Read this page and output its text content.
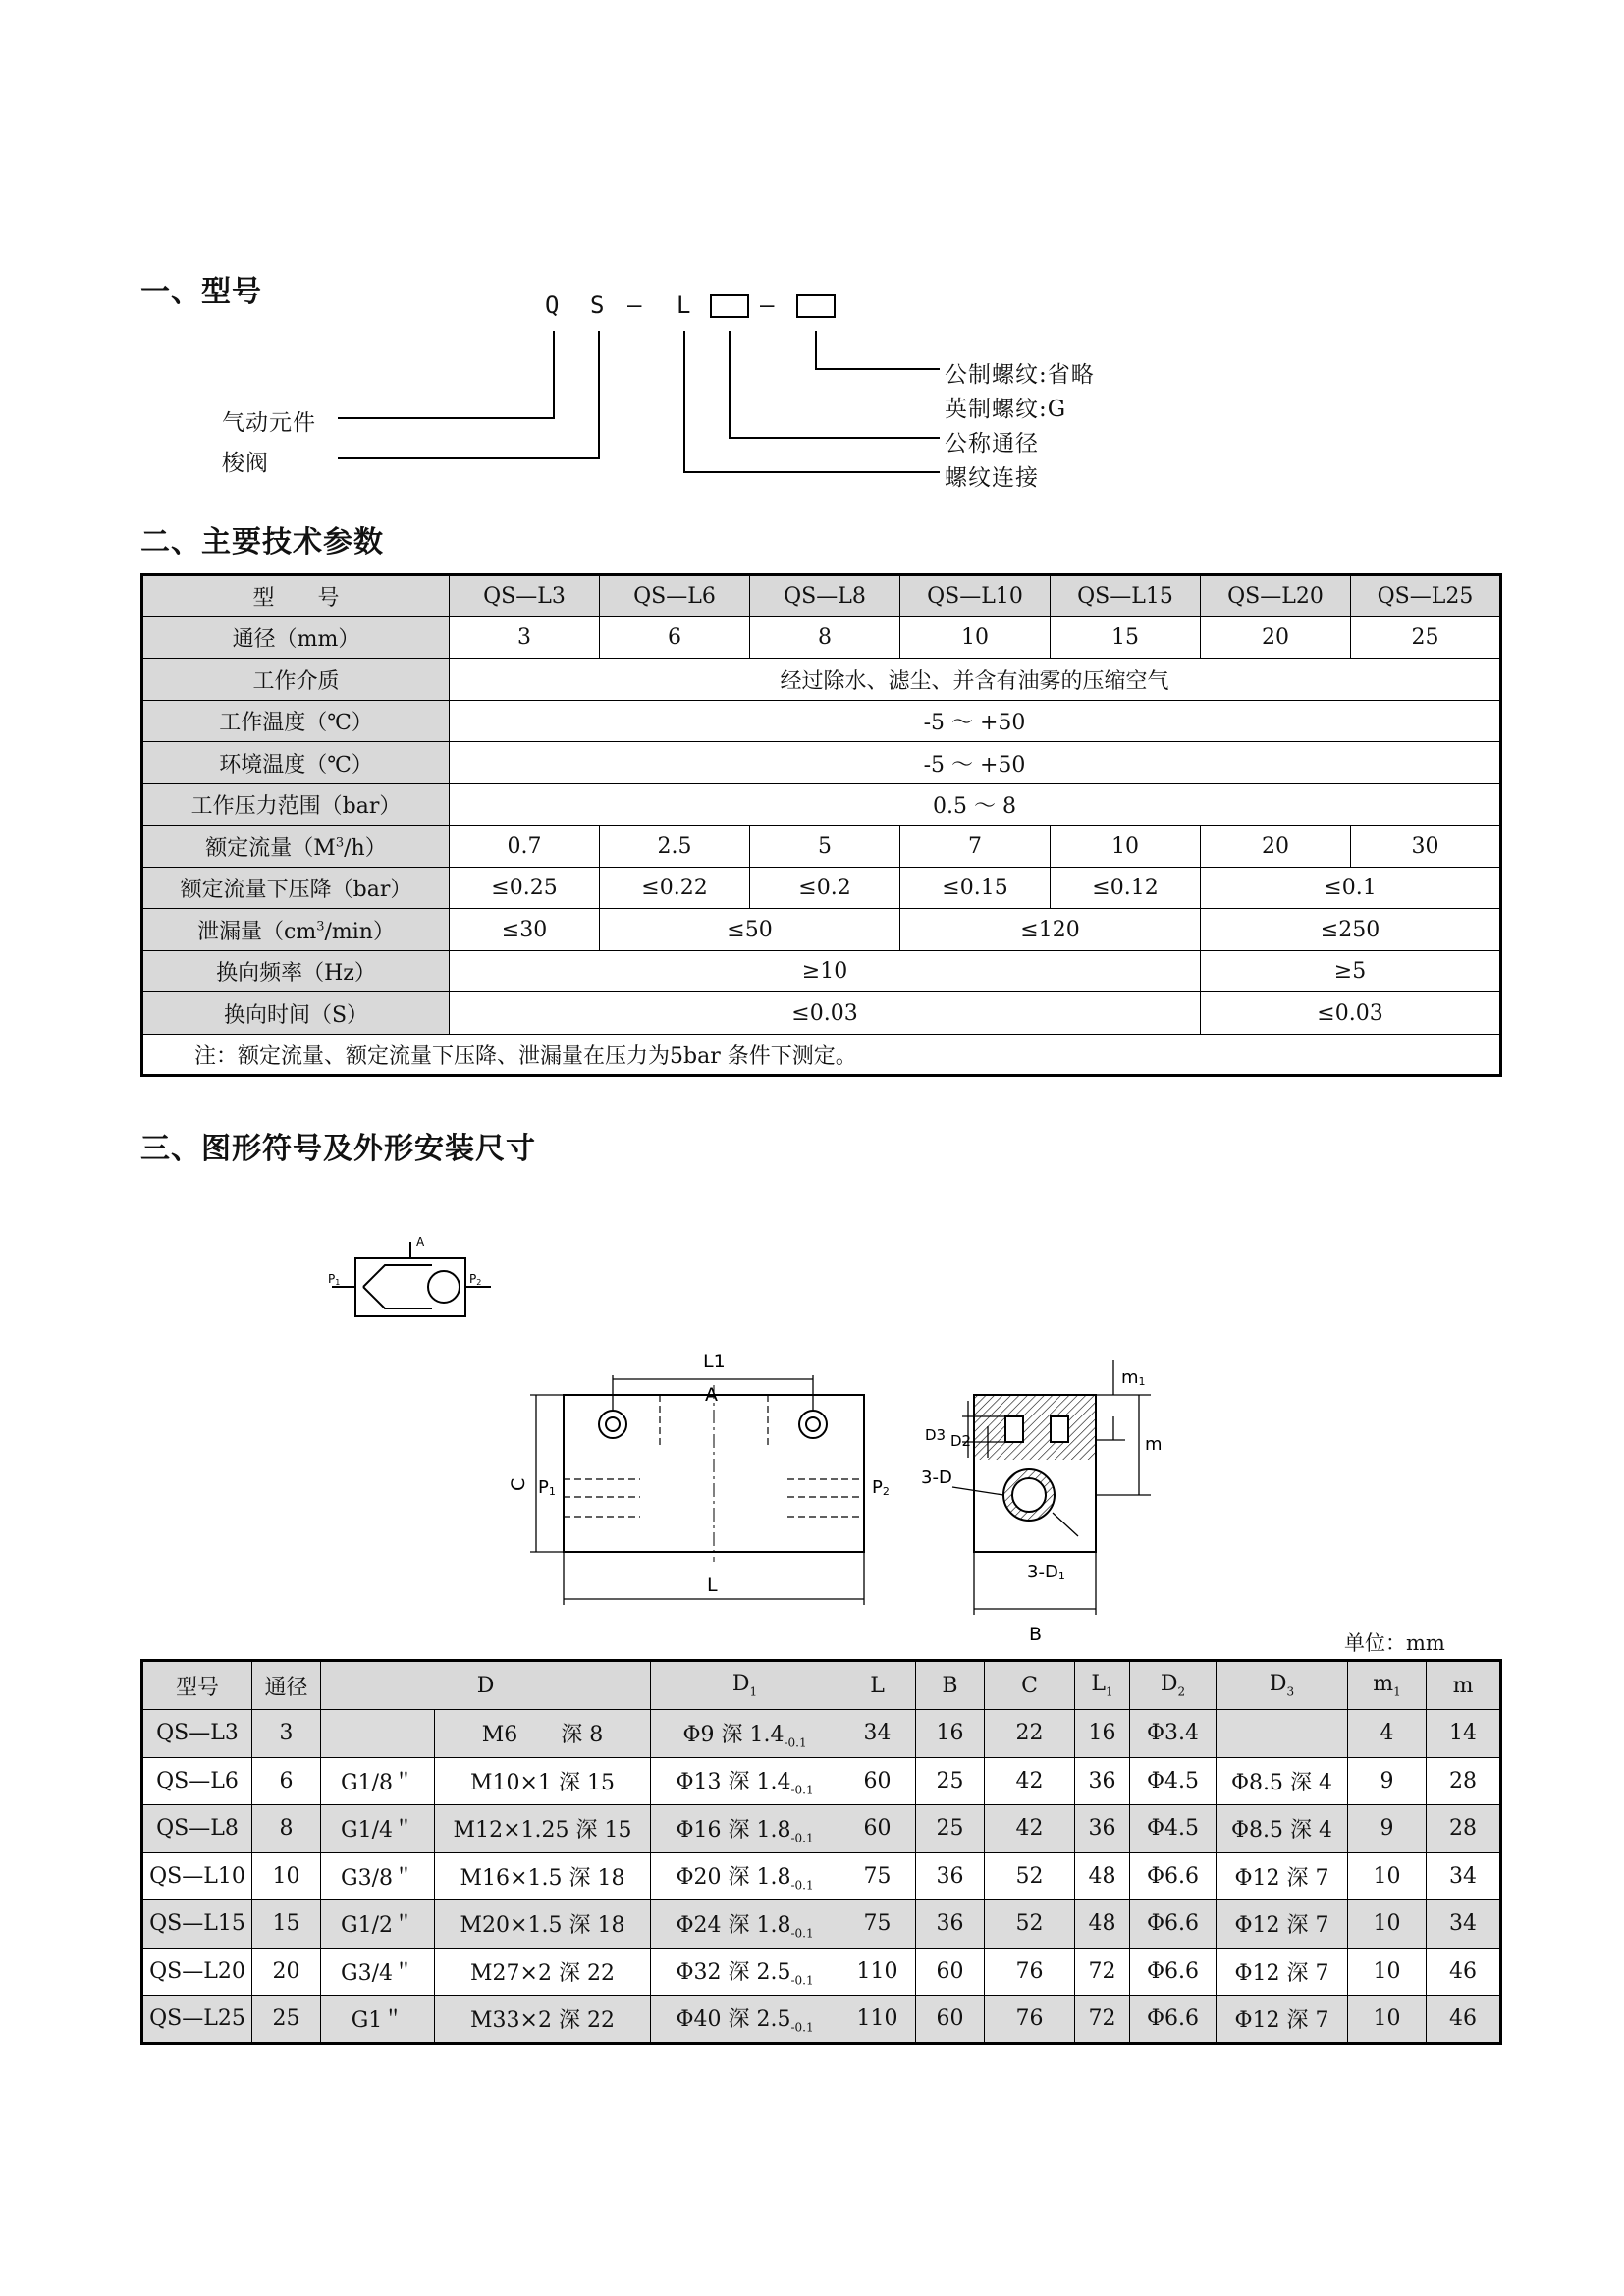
一、型号	Q S — L	—
气动元件
梭阀
公制螺纹:省略
英制螺纹:G
公称通径
螺纹连接
二、主要技术参数
型　　号	QS—L3	QS—L6	QS—L8	QS—L10	QS—L15	QS—L20	QS—L25
通径（mm）	3	6	8	10	15	20	25
工作介质	经过除水、滤尘、并含有油雾的压缩空气						
工作温度（℃）	-5 ～ +50						
环境温度（℃）	-5 ～ +50						
工作压力范围（bar）	0.5 ～ 8						
额定流量$(M^3/h)$	0.7	2.5	5	7	10	20	30
额定流量下压降（bar）	≤0.25	≤0.22	≤0.2	≤0.15	≤0.12	≤0.1	
泄漏量$(cm^3/\min)$	≤30	≤50		≤120		≤250	
换向频率（Hz）	≥10					≥5	
换向时间（S）	≤0.03					≤0.03	
注：额定流量、额定流量下压降、泄漏量在压力为5bar 条件下测定。							
三、图形符号及外形安装尺寸
A
P1	P2
L1
A
C P1	P2
L
B
3-D
3-D1
m1
m
D3 D2
单位：mm
型号	通径	D		$D_1$	L	B	C	$L_1$	$D_2$	$D_3$	$m_1$	m
QS—L3	3		M6　　深 8	Φ9 深 $1.4_{-0.1}$	34	16	22	16	Φ3.4		4	14
QS—L6	6	G1/8＂	M10×1 深 15	Φ13 深 $1.4_{-0.1}$	60	25	42	36	Φ4.5	Φ8.5 深 4	9	28
QS—L8	8	G1/4＂	M12×1.25 深 15	Φ16 深 $1.8_{-0.1}$	60	25	42	36	Φ4.5	Φ8.5 深 4	9	28
QS—L10	10	G3/8＂	M16×1.5 深 18	Φ20 深 $1.8_{-0.1}$	75	36	52	48	Φ6.6	Φ12 深 7	10	34
QS—L15	15	G1/2＂	M20×1.5 深 18	Φ24 深 $1.8_{-0.1}$	75	36	52	48	Φ6.6	Φ12 深 7	10	34
QS—L20	20	G3/4＂	M27×2 深 22	Φ32 深 $2.5_{-0.1}$	110	60	76	72	Φ6.6	Φ12 深 7	10	46
QS—L25	25	G1＂	M33×2 深 22	Φ40 深 $2.5_{-0.1}$	110	60	76	72	Φ6.6	Φ12 深 7	10	46
